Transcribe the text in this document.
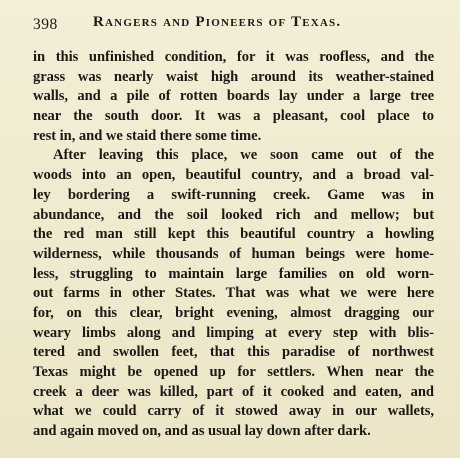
398 Rangers and Pioneers of Texas.
in this unfinished condition, for it was roofless, and the
grass was nearly waist high around its weather-stained
walls, and a pile of rotten boards lay under a large tree
near the south door. It was a pleasant, cool place to
rest in, and we staid there some time.
After leaving this place, we soon came out of the
woods into an open, beautiful country, and a broad val-
ley bordering a swift-running creek. Game was in
abundance, and the soil looked rich and mellow; but
the red man still kept this beautiful country a howling
wilderness, while thousands of human beings were home-
less, struggling to maintain large families on old worn-
out farms in other States. That was what we were here
for, on this clear, bright evening, almost dragging our
weary limbs along and limping at every step with blis-
tered and swollen feet, that this paradise of northwest
Texas might be opened up for settlers. When near the
creek a deer was killed, part of it cooked and eaten, and
what we could carry of it stowed away in our wallets,
and again moved on, and as usual lay down after dark.
